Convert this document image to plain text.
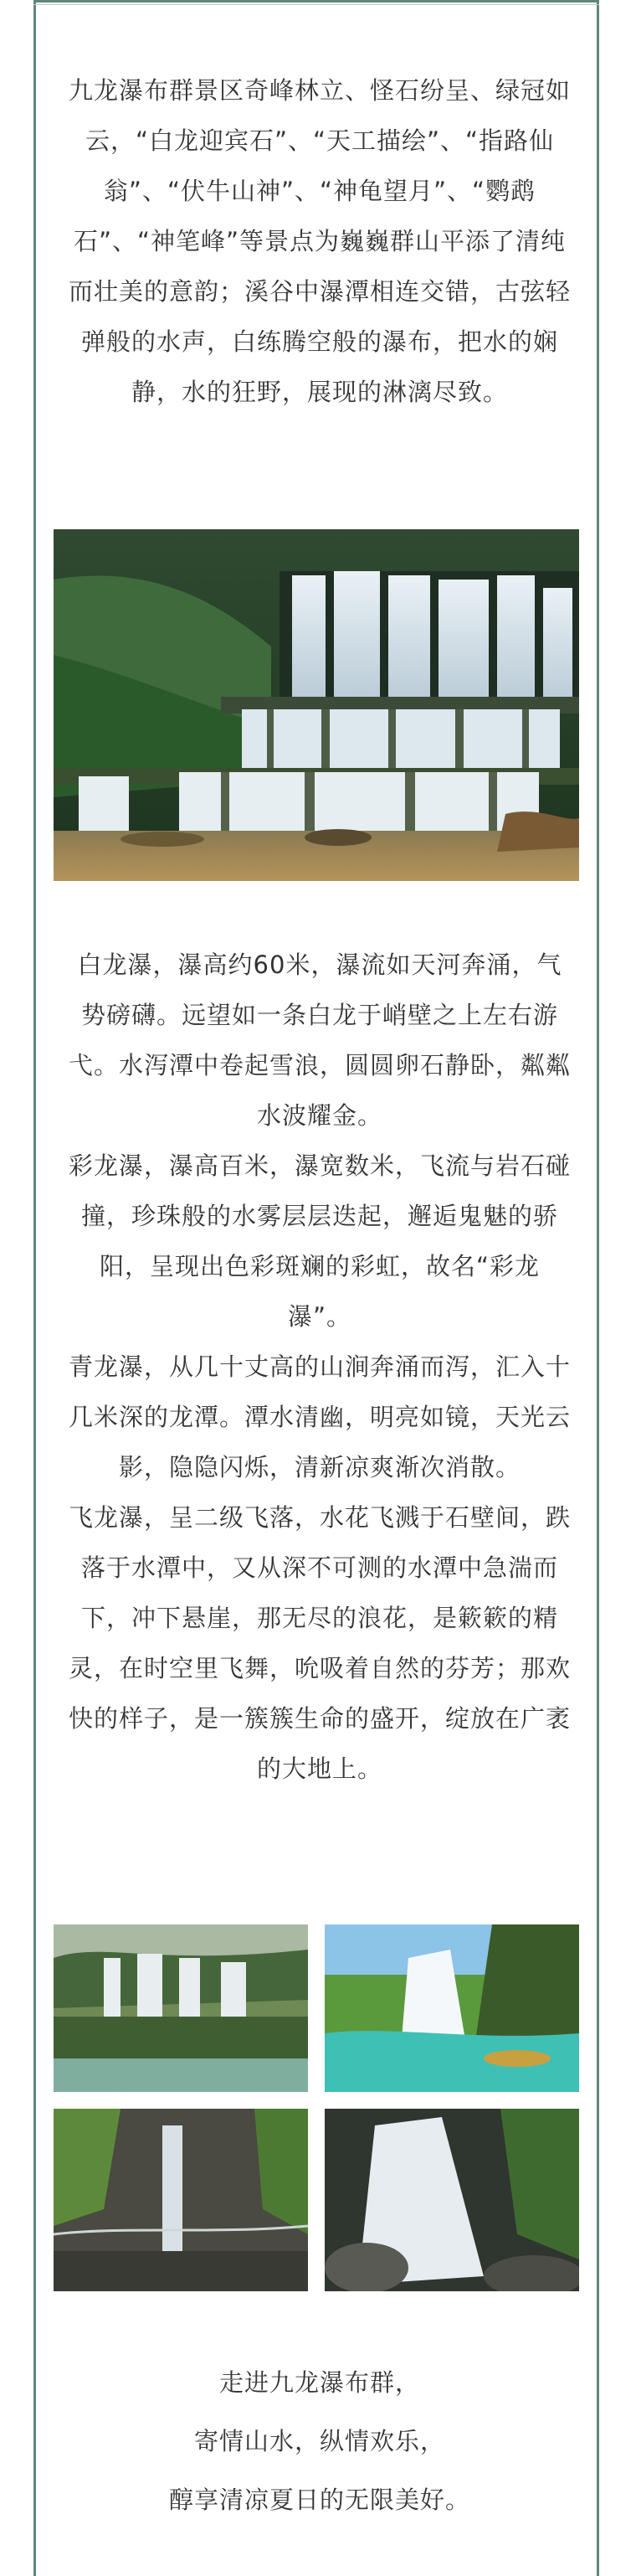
九龙瀑布群景区奇峰林立、怪石纷呈、绿冠如云，“白龙迎宾石”、“天工描绘”、“指路仙翁”、“伏牛山神”、“神龟望月”、“鹦鹉石”、“神笔峰”等景点为巍巍群山平添了清纯而壮美的意韵；溪谷中瀑潭相连交错，古弦轻弹般的水声，白练腾空般的瀑布，把水的娴静，水的狂野，展现的淋漓尽致。

白龙瀑，瀑高约60米，瀑流如天河奔涌，气势磅礴。远望如一条白龙于峭壁之上左右游弋。水泻潭中卷起雪浪，圆圆卵石静卧，粼粼水波耀金。

彩龙瀑，瀑高百米，瀑宽数米，飞流与岩石碰撞，珍珠般的水雾层层迭起，邂逅鬼魅的骄阳，呈现出色彩斑斓的彩虹，故名“彩龙瀑”。

青龙瀑，从几十丈高的山涧奔涌而泻，汇入十几米深的龙潭。潭水清幽，明亮如镜，天光云影，隐隐闪烁，清新凉爽渐次消散。

飞龙瀑，呈二级飞落，水花飞溅于石壁间，跌落于水潭中，又从深不可测的水潭中急湍而下，冲下悬崖，那无尽的浪花，是簌簌的精灵，在时空里飞舞，吮吸着自然的芬芳；那欢快的样子，是一簇簇生命的盛开，绽放在广袤的大地上。

走进九龙瀑布群，
寄情山水，纵情欢乐，
醇享清凉夏日的无限美好。
